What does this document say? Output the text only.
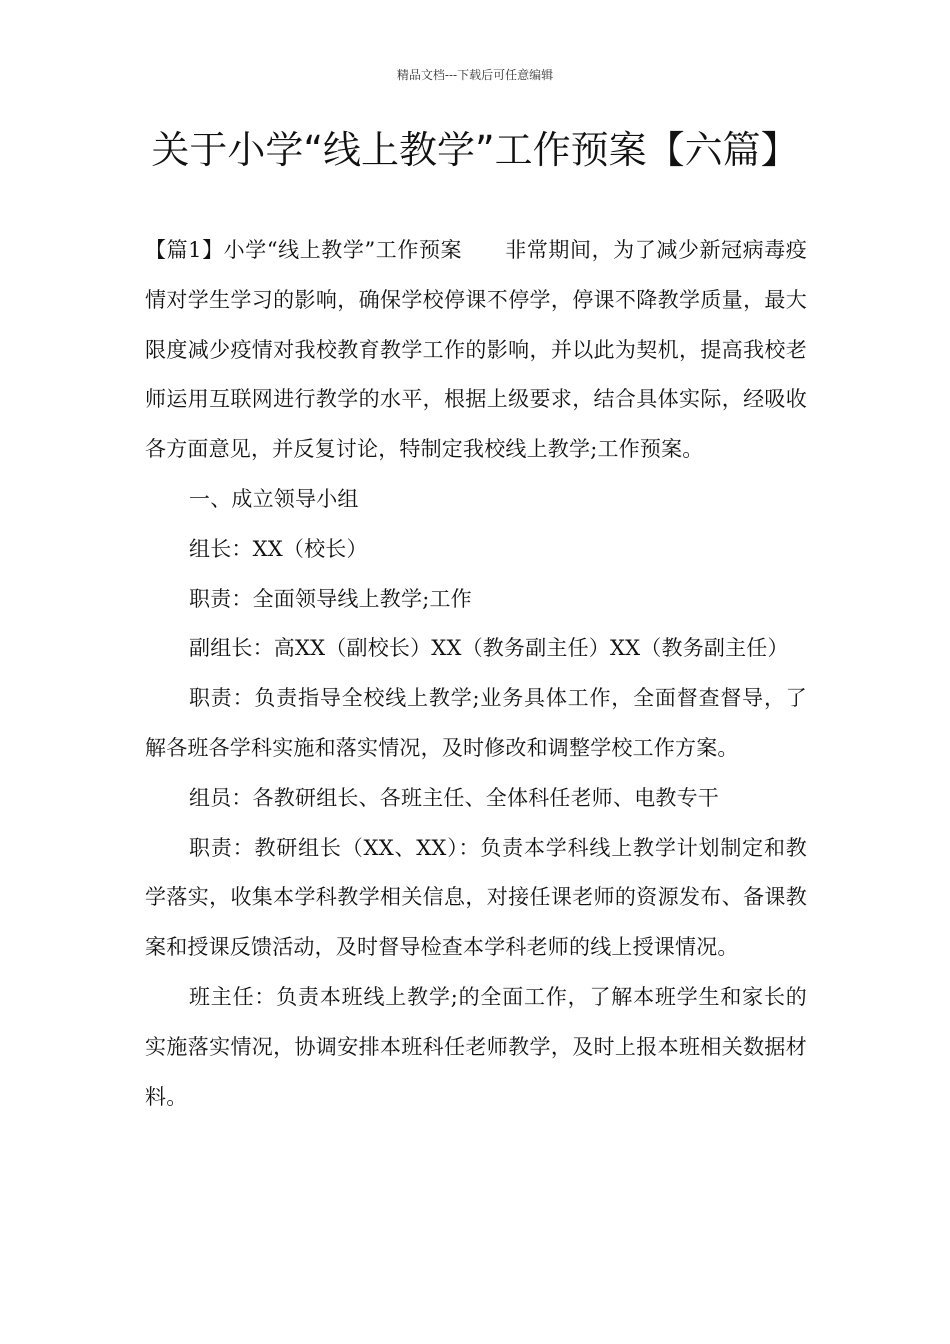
精品文档---下载后可任意编辑
关于小学“线上教学”工作预案【六篇】

【篇1】小学“线上教学”工作预案　　非常期间，为了减少新冠病毒疫情对学生学习的影响，确保学校停课不停学，停课不降教学质量，最大限度减少疫情对我校教育教学工作的影响，并以此为契机，提高我校老师运用互联网进行教学的水平，根据上级要求，结合具体实际，经吸收各方面意见，并反复讨论，特制定我校线上教学;工作预案。

一、成立领导小组

组长：XX（校长）

职责：全面领导线上教学;工作

副组长：高XX（副校长）XX（教务副主任）XX（教务副主任）

职责：负责指导全校线上教学;业务具体工作，全面督查督导，了解各班各学科实施和落实情况，及时修改和调整学校工作方案。

组员：各教研组长、各班主任、全体科任老师、电教专干

职责：教研组长（XX、XX）：负责本学科线上教学计划制定和教学落实，收集本学科教学相关信息，对接任课老师的资源发布、备课教案和授课反馈活动，及时督导检查本学科老师的线上授课情况。

班主任：负责本班线上教学;的全面工作，了解本班学生和家长的实施落实情况，协调安排本班科任老师教学，及时上报本班相关数据材料。
